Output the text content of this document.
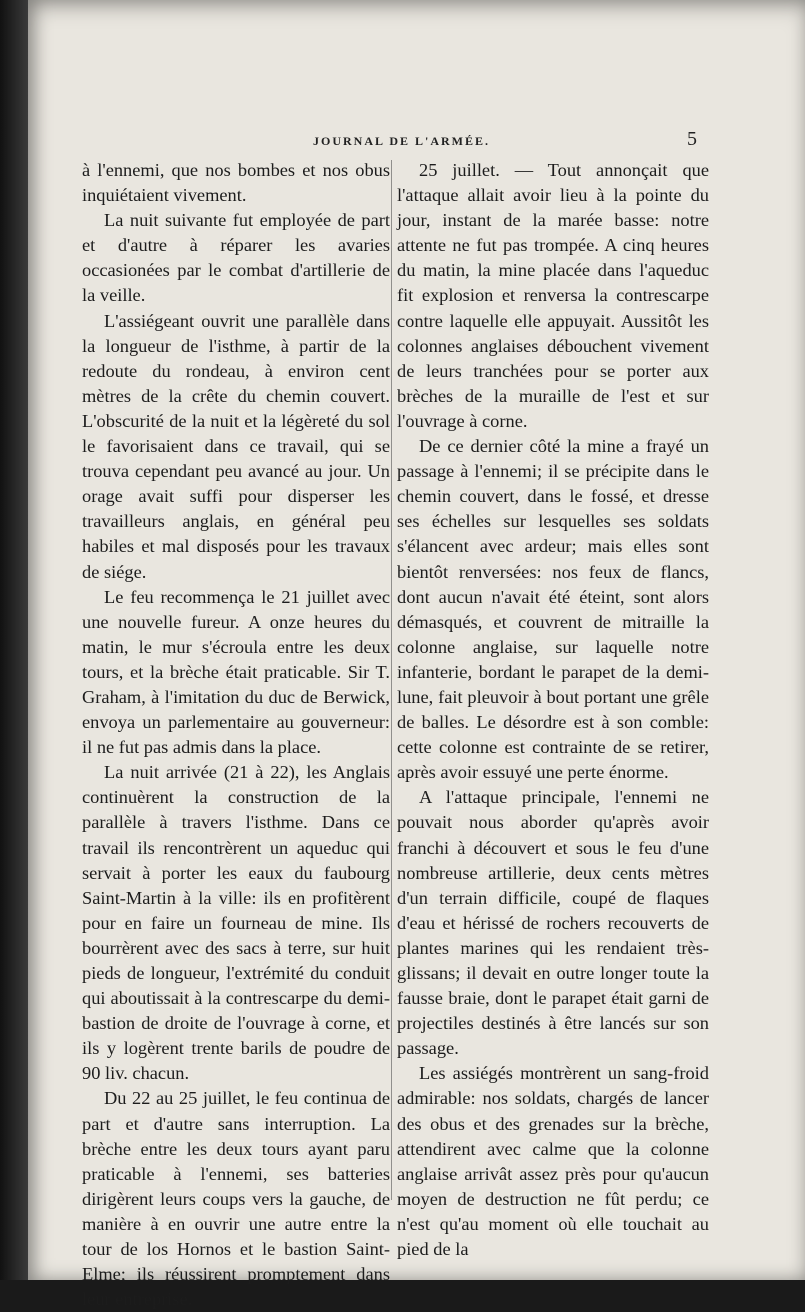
JOURNAL DE L'ARMÉE.	5

à l'ennemi, que nos bombes et nos obus inquiétaient vivement.

La nuit suivante fut employée de part et d'autre à réparer les avaries occasionées par le combat d'artillerie de la veille.

L'assiégeant ouvrit une parallèle dans la longueur de l'isthme, à partir de la redoute du rondeau, à environ cent mètres de la crête du chemin couvert. L'obscurité de la nuit et la légèreté du sol le favorisaient dans ce travail, qui se trouva cependant peu avancé au jour. Un orage avait suffi pour disperser les travailleurs anglais, en général peu habiles et mal disposés pour les travaux de siége.

Le feu recommença le 21 juillet avec une nouvelle fureur. A onze heures du matin, le mur s'écroula entre les deux tours, et la brèche était praticable. Sir T. Graham, à l'imitation du duc de Berwick, envoya un parlementaire au gouverneur: il ne fut pas admis dans la place.

La nuit arrivée (21 à 22), les Anglais continuèrent la construction de la parallèle à travers l'isthme. Dans ce travail ils rencontrèrent un aqueduc qui servait à porter les eaux du faubourg Saint-Martin à la ville: ils en profitèrent pour en faire un fourneau de mine. Ils bourrèrent avec des sacs à terre, sur huit pieds de longueur, l'extrémité du conduit qui aboutissait à la contrescarpe du demi-bastion de droite de l'ouvrage à corne, et ils y logèrent trente barils de poudre de 90 liv. chacun.

Du 22 au 25 juillet, le feu continua de part et d'autre sans interruption. La brèche entre les deux tours ayant paru praticable à l'ennemi, ses batteries dirigèrent leurs coups vers la gauche, de manière à en ouvrir une autre entre la tour de los Hornos et le bastion Saint-Elme; ils réussirent promptement dans leur entreprise.

25 juillet. — Tout annonçait que l'attaque allait avoir lieu à la pointe du jour, instant de la marée basse: notre attente ne fut pas trompée. A cinq heures du matin, la mine placée dans l'aqueduc fit explosion et renversa la contrescarpe contre laquelle elle appuyait. Aussitôt les colonnes anglaises débouchent vivement de leurs tranchées pour se porter aux brèches de la muraille de l'est et sur l'ouvrage à corne.

De ce dernier côté la mine a frayé un passage à l'ennemi; il se précipite dans le chemin couvert, dans le fossé, et dresse ses échelles sur lesquelles ses soldats s'élancent avec ardeur; mais elles sont bientôt renversées: nos feux de flancs, dont aucun n'avait été éteint, sont alors démasqués, et couvrent de mitraille la colonne anglaise, sur laquelle notre infanterie, bordant le parapet de la demi-lune, fait pleuvoir à bout portant une grêle de balles. Le désordre est à son comble: cette colonne est contrainte de se retirer, après avoir essuyé une perte énorme.

A l'attaque principale, l'ennemi ne pouvait nous aborder qu'après avoir franchi à découvert et sous le feu d'une nombreuse artillerie, deux cents mètres d'un terrain difficile, coupé de flaques d'eau et hérissé de rochers recouverts de plantes marines qui les rendaient très-glissans; il devait en outre longer toute la fausse braie, dont le parapet était garni de projectiles destinés à être lancés sur son passage.

Les assiégés montrèrent un sang-froid admirable: nos soldats, chargés de lancer des obus et des grenades sur la brèche, attendirent avec calme que la colonne anglaise arrivât assez près pour qu'aucun moyen de destruction ne fût perdu; ce n'est qu'au moment où elle touchait au pied de la
